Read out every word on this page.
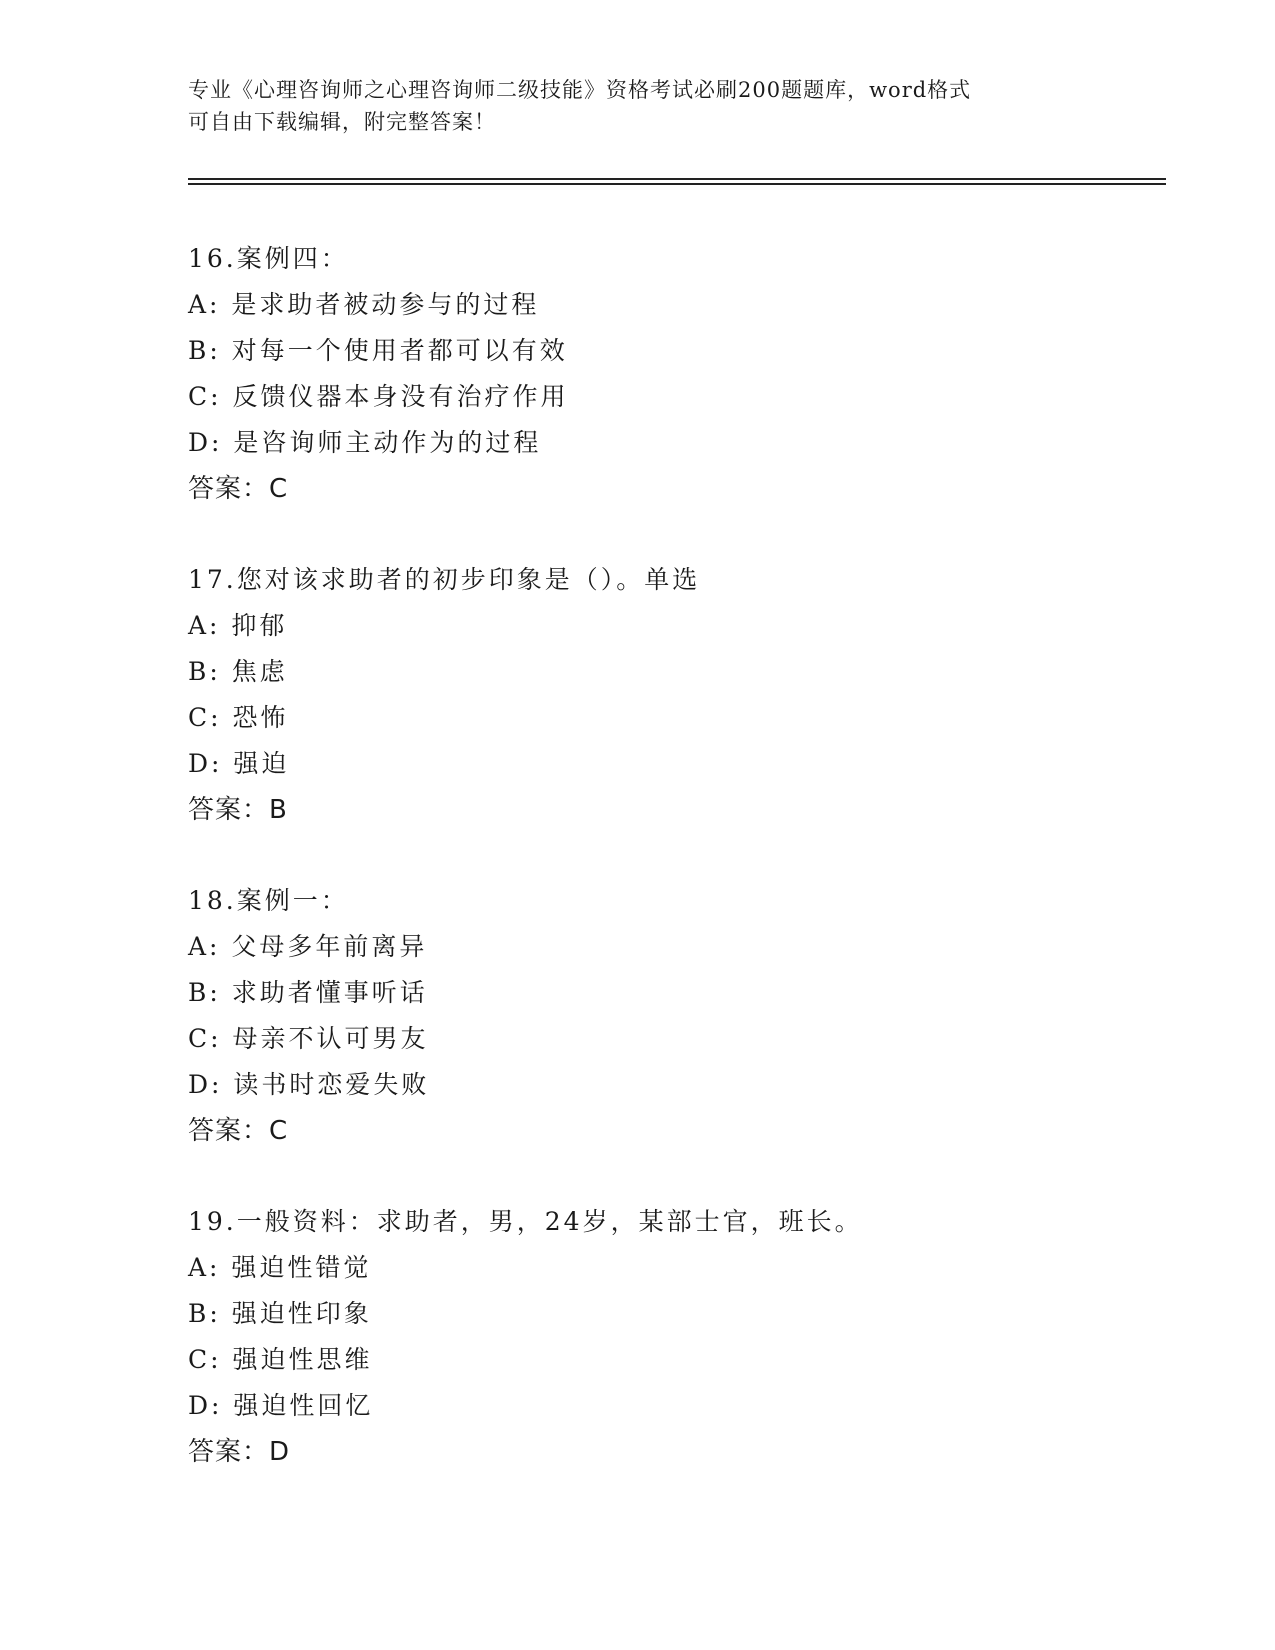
专业《心理咨询师之心理咨询师二级技能》资格考试必刷200题题库，word格式

可自由下载编辑，附完整答案！

16.案例四：
A: 是求助者被动参与的过程
B: 对每一个使用者都可以有效
C: 反馈仪器本身没有治疗作用
D: 是咨询师主动作为的过程
答案：C
17.您对该求助者的初步印象是（）。单选
A: 抑郁
B: 焦虑
C: 恐怖
D: 强迫
答案：B
18.案例一：
A: 父母多年前离异
B: 求助者懂事听话
C: 母亲不认可男友
D: 读书时恋爱失败
答案：C
19.一般资料：求助者，男，24岁，某部士官，班长。
A: 强迫性错觉
B: 强迫性印象
C: 强迫性思维
D: 强迫性回忆
答案：D
